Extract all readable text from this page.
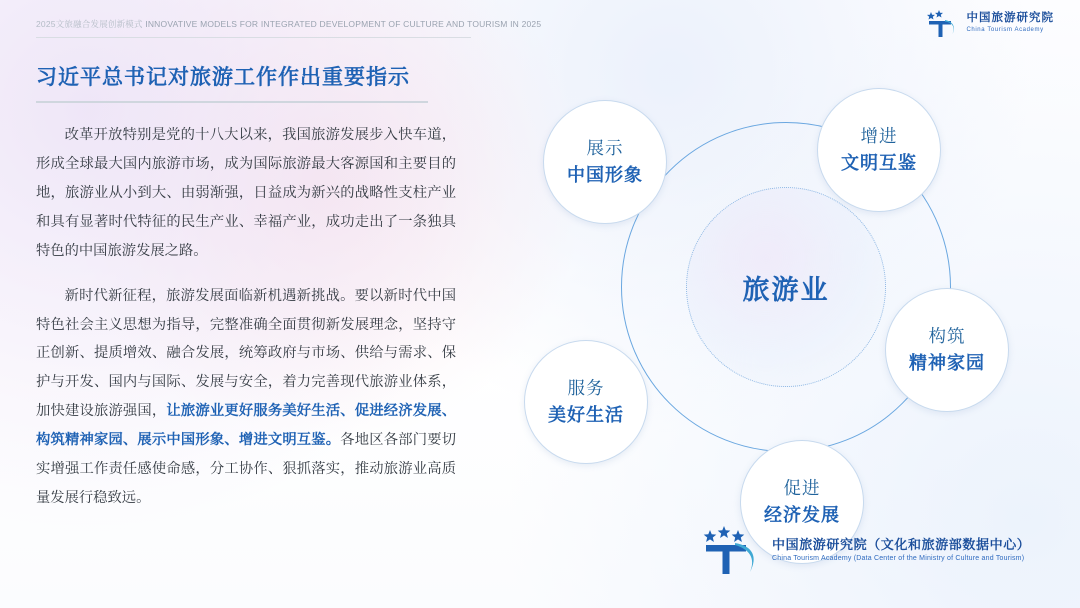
2025文旅融合发展创新模式 INNOVATIVE MODELS FOR INTEGRATED DEVELOPMENT OF CULTURE AND TOURISM IN 2025
中国旅游研究院
China Tourism Academy
习近平总书记对旅游工作作出重要指示

改革开放特别是党的十八大以来，我国旅游发展步入快车道，形成全球最大国内旅游市场，成为国际旅游最大客源国和主要目的地，旅游业从小到大、由弱渐强，日益成为新兴的战略性支柱产业和具有显著时代特征的民生产业、幸福产业，成功走出了一条独具特色的中国旅游发展之路。

新时代新征程，旅游发展面临新机遇新挑战。要以新时代中国特色社会主义思想为指导，完整准确全面贯彻新发展理念，坚持守正创新、提质增效、融合发展，统筹政府与市场、供给与需求、保护与开发、国内与国际、发展与安全，着力完善现代旅游业体系，加快建设旅游强国，让旅游业更好服务美好生活、促进经济发展、构筑精神家园、展示中国形象、增进文明互鉴。各地区各部门要切实增强工作责任感使命感，分工协作、狠抓落实，推动旅游业高质量发展行稳致远。

旅游业
展示
中国形象
增进
文明互鉴
构筑
精神家园
促进
经济发展
服务
美好生活
中国旅游研究院（文化和旅游部数据中心）
China Tourism Academy (Data Center of the Ministry of Culture and Tourism)
